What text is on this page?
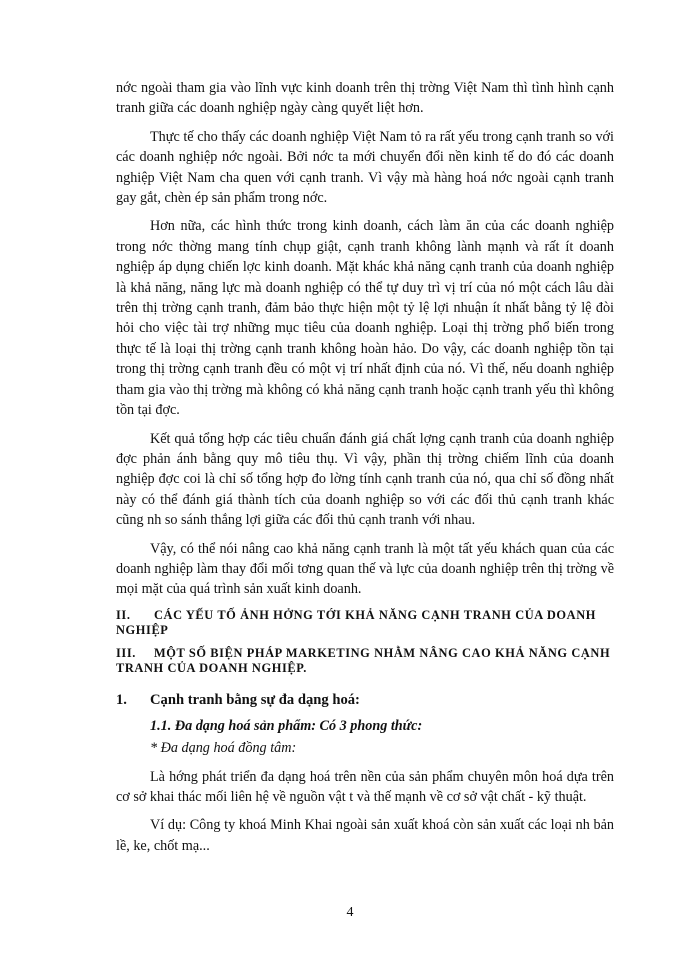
nớc ngoài tham gia vào lĩnh vực kinh doanh trên thị trờng Việt Nam thì tình hình cạnh tranh giữa các doanh nghiệp ngày càng quyết liệt hơn.

Thực tế cho thấy các doanh nghiệp Việt Nam tỏ ra rất yếu trong cạnh tranh so với các doanh nghiệp nớc ngoài. Bởi nớc ta mới chuyển đổi nền kinh tế do đó các doanh nghiệp Việt Nam cha quen với cạnh tranh. Vì vậy mà hàng hoá nớc ngoài cạnh tranh gay gắt, chèn ép sản phẩm trong nớc.

Hơn nữa, các hình thức trong kinh doanh, cách làm ăn của các doanh nghiệp trong nớc thờng mang tính chụp giật, cạnh tranh không lành mạnh và rất ít doanh nghiệp áp dụng chiến lợc kinh doanh. Mặt khác khả năng cạnh tranh của doanh nghiệp là khả năng, năng lực mà doanh nghiệp có thể tự duy trì vị trí của nó một cách lâu dài trên thị trờng cạnh tranh, đảm bảo thực hiện một tỷ lệ lợi nhuận ít nhất bằng tỷ lệ đòi hỏi cho việc tài trợ những mục tiêu của doanh nghiệp. Loại thị trờng phổ biến trong thực tế là loại thị trờng cạnh tranh không hoàn hảo. Do vậy, các doanh nghiệp tồn tại trong thị trờng cạnh tranh đều có một vị trí nhất định của nó. Vì thế, nếu doanh nghiệp tham gia vào thị trờng mà không có khả năng cạnh tranh hoặc cạnh tranh yếu thì không tồn tại đợc.

Kết quả tổng hợp các tiêu chuẩn đánh giá chất lợng cạnh tranh của doanh nghiệp đợc phản ánh bằng quy mô tiêu thụ. Vì vậy, phần thị trờng chiếm lĩnh của doanh nghiệp đợc coi là chỉ số tổng hợp đo lờng tính cạnh tranh của nó, qua chỉ số đồng nhất này có thể đánh giá thành tích của doanh nghiệp so với các đối thủ cạnh tranh khác cũng nh so sánh thắng lợi giữa các đối thủ cạnh tranh với nhau.

Vậy, có thể nói nâng cao khả năng cạnh tranh là một tất yếu khách quan của các doanh nghiệp làm thay đổi mối tơng quan thế và lực của doanh nghiệp trên thị trờng về mọi mặt của quá trình sản xuất kinh doanh.

II. CÁC YẾU TỐ ẢNH HỞNG TỚI KHẢ NĂNG CẠNH TRANH CỦA DOANH NGHIỆP

III. MỘT SỐ BIỆN PHÁP MARKETING NHẰM NÂNG CAO KHẢ NĂNG CẠNH TRANH CỦA DOANH NGHIỆP.

1. Cạnh tranh bằng sự đa dạng hoá:

1.1. Đa dạng hoá sản phẩm: Có 3 phong thức:

* Đa dạng hoá đồng tâm:

Là hớng phát triển đa dạng hoá trên nền của sản phẩm chuyên môn hoá dựa trên cơ sở khai thác mối liên hệ về nguồn vật t và thế mạnh về cơ sở vật chất - kỹ thuật.

Ví dụ: Công ty khoá Minh Khai ngoài sản xuất khoá còn sản xuất các loại nh bản lề, ke, chốt mạ...

4
